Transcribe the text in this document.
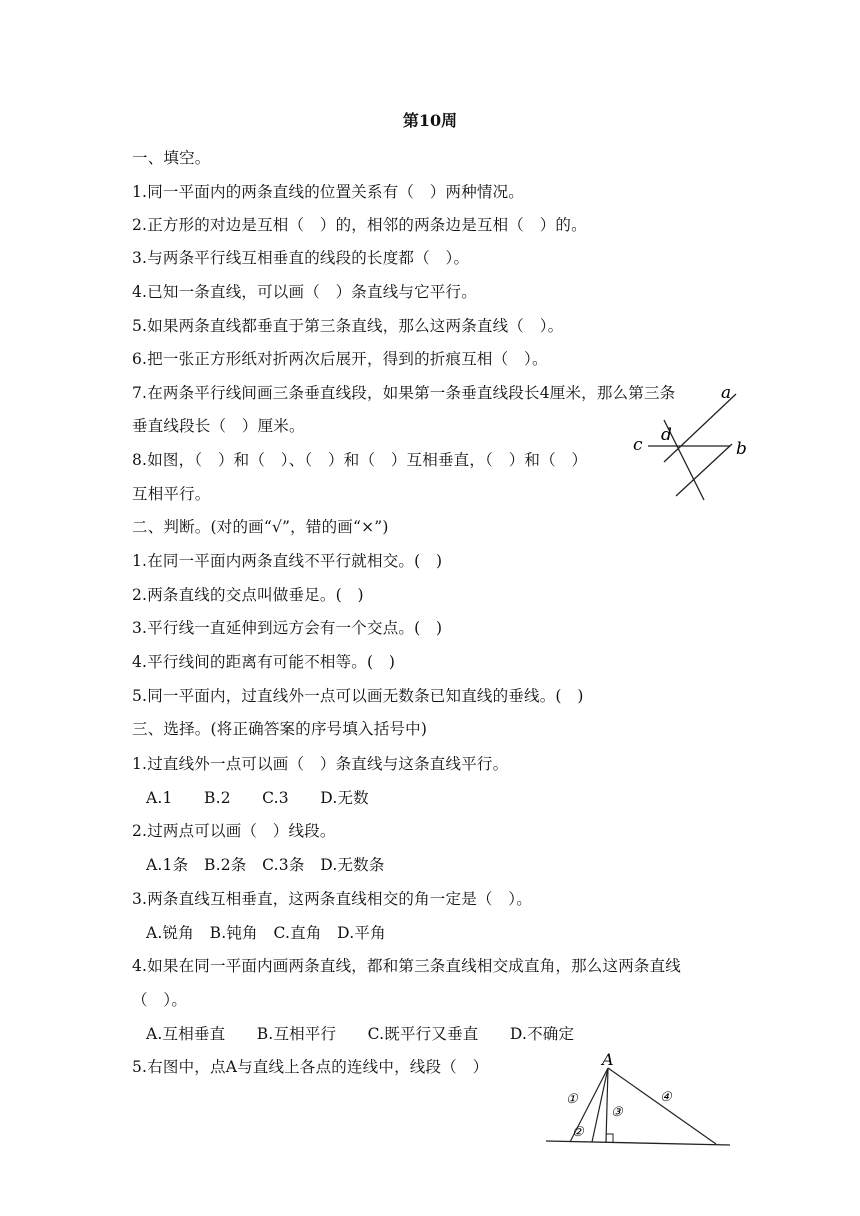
第10周
一、填空。
1.同一平面内的两条直线的位置关系有（　）两种情况。
2.正方形的对边是互相（　）的，相邻的两条边是互相（　）的。
3.与两条平行线互相垂直的线段的长度都（　）。
4.已知一条直线，可以画（　）条直线与它平行。
5.如果两条直线都垂直于第三条直线，那么这两条直线（　）。
6.把一张正方形纸对折两次后展开，得到的折痕互相（　）。
7.在两条平行线间画三条垂直线段，如果第一条垂直线段长4厘米，那么第三条
垂直线段长（　）厘米。
8.如图，（　）和（　）、（　）和（　）互相垂直，（　）和（　）
互相平行。
a
b
c d
二、判断。(对的画“√”，错的画“×”)
1.在同一平面内两条直线不平行就相交。(　)
2.两条直线的交点叫做垂足。(　)
3.平行线一直延伸到远方会有一个交点。(　)
4.平行线间的距离有可能不相等。(　)
5.同一平面内，过直线外一点可以画无数条已知直线的垂线。(　)
三、选择。(将正确答案的序号填入括号中)
1.过直线外一点可以画（　）条直线与这条直线平行。
A.1　　B.2　　C.3　　D.无数
2.过两点可以画（　）线段。
A.1条　B.2条　C.3条　D.无数条
3.两条直线互相垂直，这两条直线相交的角一定是（　）。
A.锐角　B.钝角　C.直角　D.平角
4.如果在同一平面内画两条直线，都和第三条直线相交成直角，那么这两条直线
（　）。
A.互相垂直　　B.互相平行　　C.既平行又垂直　　D.不确定
5.右图中，点A与直线上各点的连线中，线段（　）	A
①
②
③
④
